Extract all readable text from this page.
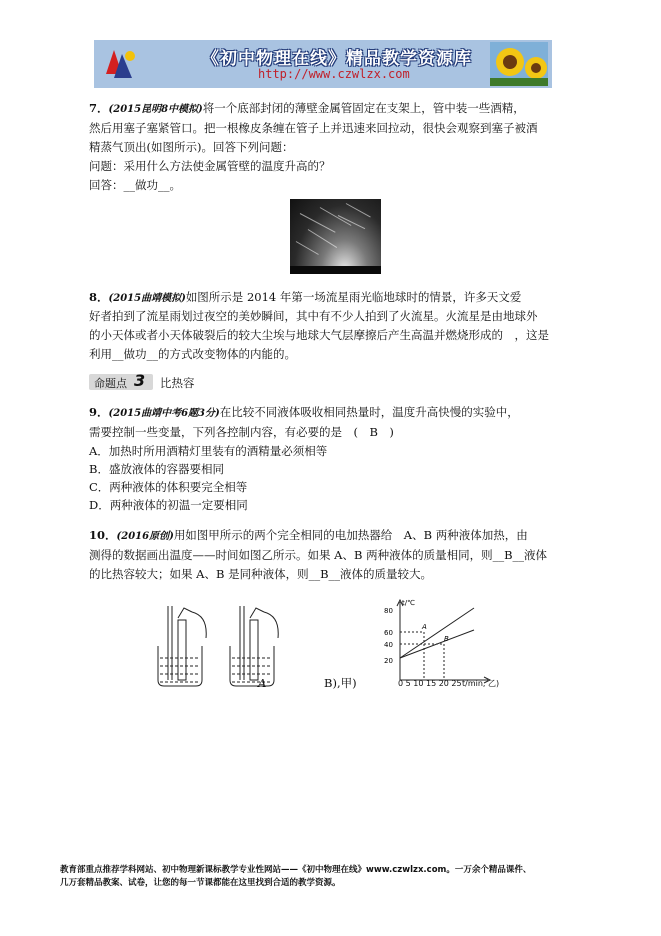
《初中物理在线》精品教学资源库
http://www.czwlzx.com
7．(2015昆明8中模拟)将一个底部封闭的薄壁金属管固定在支架上，管中装一些酒精，
然后用塞子塞紧管口。把一根橡皮条缠在管子上并迅速来回拉动，很快会观察到塞子被酒
精蒸气顶出(如图所示)。回答下列问题：
问题：采用什么方法使金属管壁的温度升高的？
回答：__做功__。
8．(2015曲靖模拟)如图所示是 2014 年第一场流星雨光临地球时的情景，许多天文爱
好者拍到了流星雨划过夜空的美妙瞬间，其中有不少人拍到了火流星。火流星是由地球外
的小天体或者小天体破裂后的较大尘埃与地球大气层摩擦后产生高温并燃烧形成的　，这是
利用__做功__的方式改变物体的内能的。
命题点 3 比热容
9．(2015曲靖中考6题3分)在比较不同液体吸收相同热量时，温度升高快慢的实验中，
需要控制一些变量，下列各控制内容，有必要的是　(　B　)
A．加热时所用酒精灯里装有的酒精量必须相等
B．盛放液体的容器要相同
C．两种液体的体积要完全相等
D．两种液体的初温一定要相同
10．(2016原创)用如图甲所示的两个完全相同的电加热器给　A、B 两种液体加热，由
测得的数据画出温度——时间如图乙所示。如果 A、B 两种液体的质量相同，则__B__液体
的比热容较大；如果 A、B 是同种液体，则__B__液体的质量较大。
A	B),甲)
t/℃
80
60
40
20
A
B
0 5 10 15 20 25 t/min, 乙)
教育部重点推荐学科网站、初中物理新课标教学专业性网站——《初中物理在线》www.czwlzx.com。一万余个精品课件、
几万套精品教案、试卷，让您的每一节课都能在这里找到合适的教学资源。
